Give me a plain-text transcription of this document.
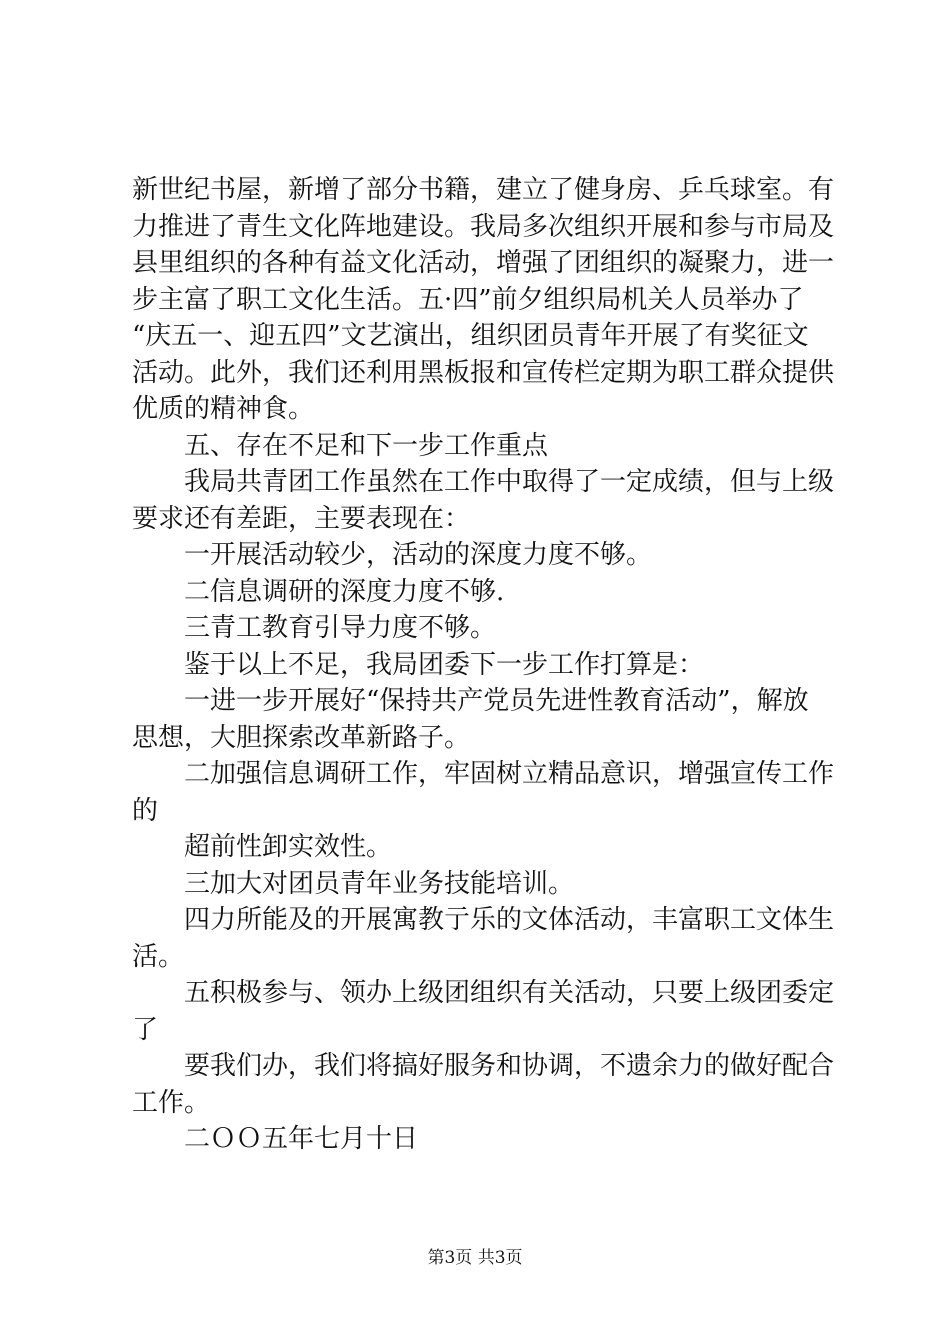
新世纪书屋，新增了部分书籍，建立了健身房、乒乓球室。有
力推进了青生文化阵地建设。我局多次组织开展和参与市局及
县里组织的各种有益文化活动，增强了团组织的凝聚力，进一
步主富了职工文化生活。五·四”前夕组织局机关人员举办了
“庆五一、迎五四”文艺演出，组织团员青年开展了有奖征文
活动。此外，我们还利用黑板报和宣传栏定期为职工群众提供
优质的精神食。
五、存在不足和下一步工作重点
我局共青团工作虽然在工作中取得了一定成绩，但与上级
要求还有差距，主要表现在：
一开展活动较少，活动的深度力度不够。
二信息调研的深度力度不够.
三青工教育引导力度不够。
鉴于以上不足，我局团委下一步工作打算是：
一进一步开展好“保持共产党员先进性教育活动”，解放
思想，大胆探索改革新路子。
二加强信息调研工作，牢固树立精品意识，增强宣传工作
的
超前性卸实效性。
三加大对团员青年业务技能培训。
四力所能及的开展寓教亍乐的文体活动，丰富职工文体生
活。
五积极参与、领办上级团组织有关活动，只要上级团委定
了
要我们办，我们将搞好服务和协调，不遗余力的做好配合
工作。
二ＯＯ五年七月十日
第3页 共3页
